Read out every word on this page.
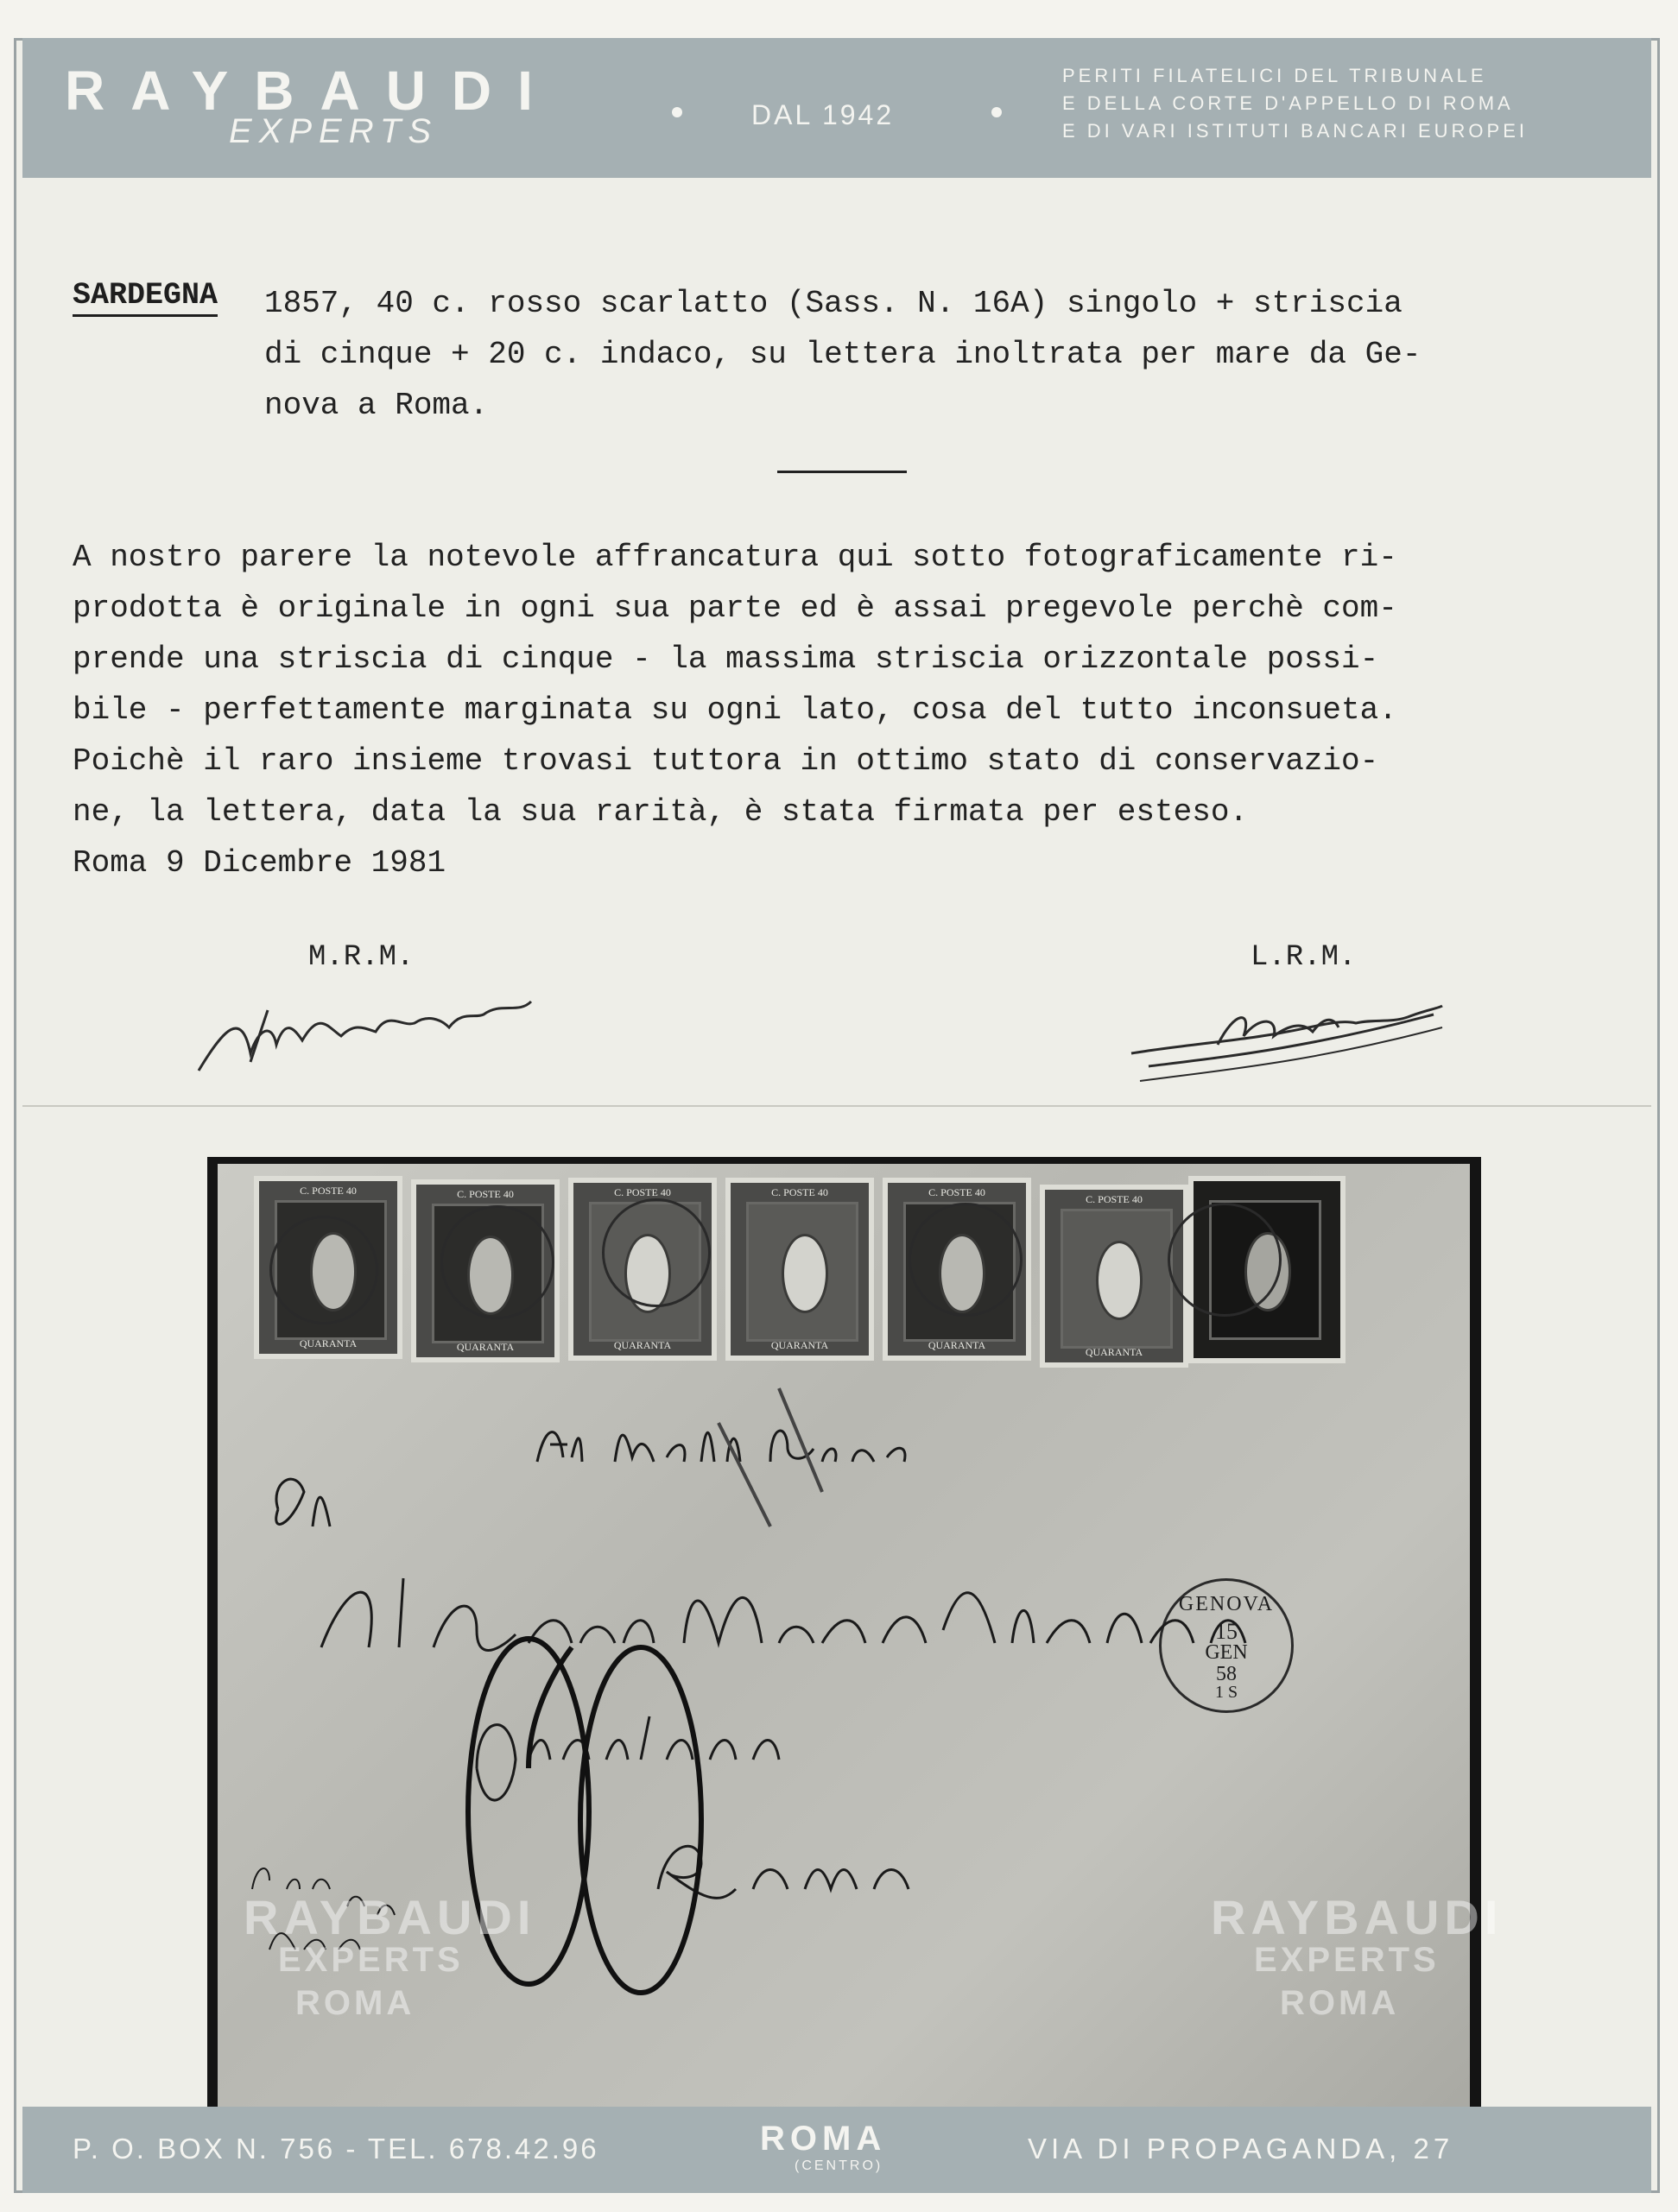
RAYBAUDI
EXPERTS	DAL 1942
PERITI FILATELICI DEL TRIBUNALE
E DELLA CORTE D'APPELLO DI ROMA
E DI VARI ISTITUTI BANCARI EUROPEI
SARDEGNA 1857, 40 c. rosso scarlatto (Sass. N. 16A) singolo + striscia
di cinque + 20 c. indaco, su lettera inoltrata per mare da Ge-
nova a Roma.
A nostro parere la notevole affrancatura qui sotto fotograficamente ri-
prodotta è originale in ogni sua parte ed è assai pregevole perchè com-
prende una striscia di cinque - la massima striscia orizzontale possi-
bile - perfettamente marginata su ogni lato, cosa del tutto inconsueta.
Poichè il raro insieme trovasi tuttora in ottimo stato di conservazio-
ne, la lettera, data la sua rarità, è stata firmata per esteso.
Roma 9 Dicembre 1981
M.R.M.	L.R.M.
C. POSTE 40
QUARANTA
C. POSTE 40
QUARANTA
C. POSTE 40
QUARANTA
C. POSTE 40
QUARANTA
C. POSTE 40
QUARANTA
C. POSTE 40
QUARANTA
GENOVA
15
GEN
58
1 S
RAYBAUDI
EXPERTS
ROMA
RAYBAUDI
EXPERTS
ROMA
P. O. BOX N. 756 - TEL. 678.42.96	ROMA
(CENTRO)
VIA DI PROPAGANDA, 27
